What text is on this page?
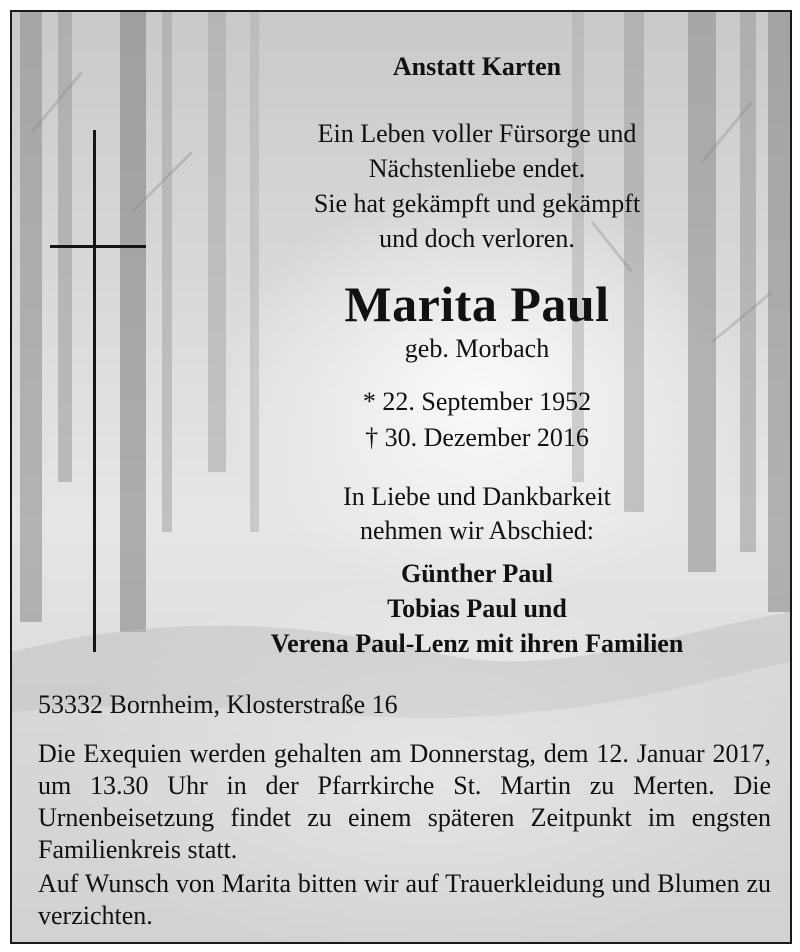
Anstatt Karten
Ein Leben voller Fürsorge und
Nächstenliebe endet.
Sie hat gekämpft und gekämpft
und doch verloren.
Marita Paul
geb. Morbach
* 22. September 1952
† 30. Dezember 2016
In Liebe und Dankbarkeit
nehmen wir Abschied:
Günther Paul
Tobias Paul und
Verena Paul-Lenz mit ihren Familien
53332 Bornheim, Klosterstraße 16
Die Exequien werden gehalten am Donnerstag, dem 12. Januar 2017, um 13.30 Uhr in der Pfarrkirche St. Martin zu Merten. Die Urnenbeisetzung findet zu einem späteren Zeitpunkt im engsten Familienkreis statt.
Auf Wunsch von Marita bitten wir auf Trauerkleidung und Blumen zu verzichten.
